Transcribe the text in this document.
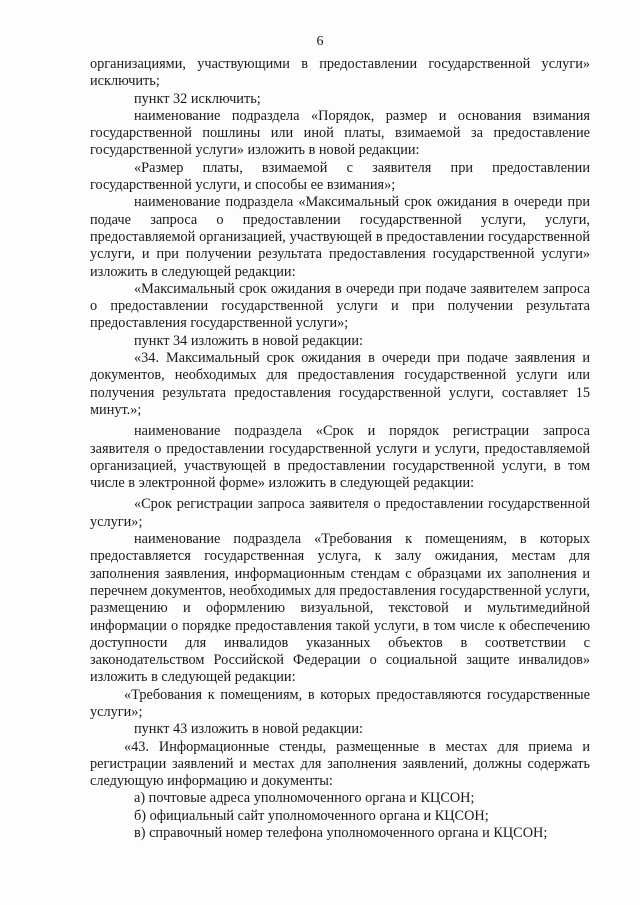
6

организациями, участвующими в предоставлении государственной услуги» исключить;

пункт 32 исключить;

наименование подраздела «Порядок, размер и основания взимания государственной пошлины или иной платы, взимаемой за предоставление государственной услуги» изложить в новой редакции:

«Размер платы, взимаемой с заявителя при предоставлении государственной услуги, и способы ее взимания»;

наименование подраздела «Максимальный срок ожидания в очереди при подаче запроса о предоставлении государственной услуги, услуги, предоставляемой организацией, участвующей в предоставлении государственной услуги, и при получении результата предоставления государственной услуги» изложить в следующей редакции:

«Максимальный срок ожидания в очереди при подаче заявителем запроса о предоставлении государственной услуги и при получении результата предоставления государственной услуги»;

пункт 34 изложить в новой редакции:

«34. Максимальный срок ожидания в очереди при подаче заявления и документов, необходимых для предоставления государственной услуги или получения результата предоставления государственной услуги, составляет 15 минут.»;

наименование подраздела «Срок и порядок регистрации запроса заявителя о предоставлении государственной услуги и услуги, предоставляемой организацией, участвующей в предоставлении государственной услуги, в том числе в электронной форме» изложить в следующей редакции:

«Срок регистрации запроса заявителя о предоставлении государственной услуги»;

наименование подраздела «Требования к помещениям, в которых предоставляется государственная услуга, к залу ожидания, местам для заполнения заявления, информационным стендам с образцами их заполнения и перечнем документов, необходимых для предоставления государственной услуги, размещению и оформлению визуальной, текстовой и мультимедийной информации о порядке предоставления такой услуги, в том числе к обеспечению доступности для инвалидов указанных объектов в соответствии с законодательством Российской Федерации о социальной защите инвалидов» изложить в следующей редакции:

«Требования к помещениям, в которых предоставляются государственные услуги»;

пункт 43 изложить в новой редакции:

«43. Информационные стенды, размещенные в местах для приема и регистрации заявлений и местах для заполнения заявлений, должны содержать следующую информацию и документы:

а) почтовые адреса уполномоченного органа и КЦСОН;

б) официальный сайт уполномоченного органа и КЦСОН;

в) справочный номер телефона уполномоченного органа и КЦСОН;
